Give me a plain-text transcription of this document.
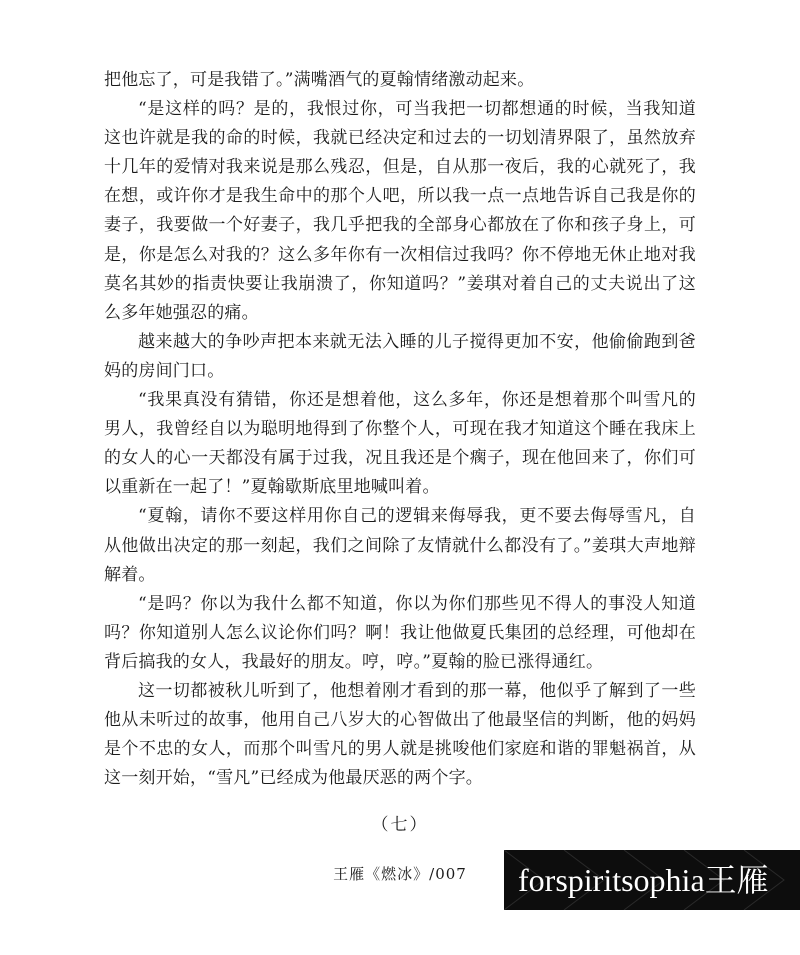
把他忘了，可是我错了。”满嘴酒气的夏翰情绪激动起来。

“是这样的吗？是的，我恨过你，可当我把一切都想通的时候，当我知道这也许就是我的命的时候，我就已经决定和过去的一切划清界限了，虽然放弃十几年的爱情对我来说是那么残忍，但是，自从那一夜后，我的心就死了，我在想，或许你才是我生命中的那个人吧，所以我一点一点地告诉自己我是你的妻子，我要做一个好妻子，我几乎把我的全部身心都放在了你和孩子身上，可是，你是怎么对我的？这么多年你有一次相信过我吗？你不停地无休止地对我莫名其妙的指责快要让我崩溃了，你知道吗？”姜琪对着自己的丈夫说出了这么多年她强忍的痛。

越来越大的争吵声把本来就无法入睡的儿子搅得更加不安，他偷偷跑到爸妈的房间门口。

“我果真没有猜错，你还是想着他，这么多年，你还是想着那个叫雪凡的男人，我曾经自以为聪明地得到了你整个人，可现在我才知道这个睡在我床上的女人的心一天都没有属于过我，况且我还是个瘸子，现在他回来了，你们可以重新在一起了！”夏翰歇斯底里地喊叫着。

“夏翰，请你不要这样用你自己的逻辑来侮辱我，更不要去侮辱雪凡，自从他做出决定的那一刻起，我们之间除了友情就什么都没有了。”姜琪大声地辩解着。

“是吗？你以为我什么都不知道，你以为你们那些见不得人的事没人知道吗？你知道别人怎么议论你们吗？啊！我让他做夏氏集团的总经理，可他却在背后搞我的女人，我最好的朋友。哼，哼。”夏翰的脸已涨得通红。

这一切都被秋儿听到了，他想着刚才看到的那一幕，他似乎了解到了一些他从未听过的故事，他用自己八岁大的心智做出了他最坚信的判断，他的妈妈是个不忠的女人，而那个叫雪凡的男人就是挑唆他们家庭和谐的罪魁祸首，从这一刻开始，“雪凡”已经成为他最厌恶的两个字。

（七）
王雁《燃冰》/007	forspiritsophia王雁
